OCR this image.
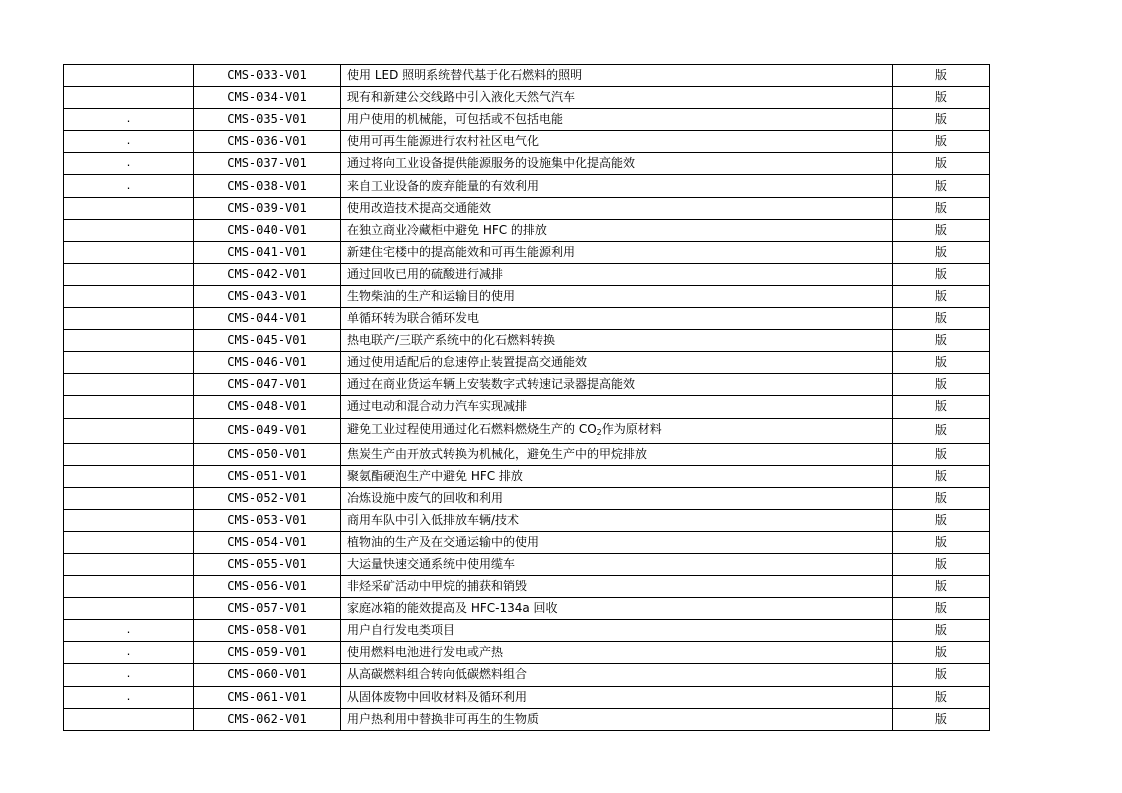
	CMS-033-V01	使用 LED 照明系统替代基于化石燃料的照明	版
	CMS-034-V01	现有和新建公交线路中引入液化天然气汽车	版
.	CMS-035-V01	用户使用的机械能，可包括或不包括电能	版
.	CMS-036-V01	使用可再生能源进行农村社区电气化	版
.	CMS-037-V01	通过将向工业设备提供能源服务的设施集中化提高能效	版
.	CMS-038-V01	来自工业设备的废弃能量的有效利用	版
	CMS-039-V01	使用改造技术提高交通能效	版
	CMS-040-V01	在独立商业冷藏柜中避免 HFC 的排放	版
	CMS-041-V01	新建住宅楼中的提高能效和可再生能源利用	版
	CMS-042-V01	通过回收已用的硫酸进行减排	版
	CMS-043-V01	生物柴油的生产和运输目的使用	版
	CMS-044-V01	单循环转为联合循环发电	版
	CMS-045-V01	热电联产/三联产系统中的化石燃料转换	版
	CMS-046-V01	通过使用适配后的怠速停止装置提高交通能效	版
	CMS-047-V01	通过在商业货运车辆上安装数字式转速记录器提高能效	版
	CMS-048-V01	通过电动和混合动力汽车实现减排	版
	CMS-049-V01	避免工业过程使用通过化石燃料燃烧生产的 $CO_2$作为原材料	版
	CMS-050-V01	焦炭生产由开放式转换为机械化，避免生产中的甲烷排放	版
	CMS-051-V01	聚氨酯硬泡生产中避免 HFC 排放	版
	CMS-052-V01	冶炼设施中废气的回收和利用	版
	CMS-053-V01	商用车队中引入低排放车辆/技术	版
	CMS-054-V01	植物油的生产及在交通运输中的使用	版
	CMS-055-V01	大运量快速交通系统中使用缆车	版
	CMS-056-V01	非烃采矿活动中甲烷的捕获和销毁	版
	CMS-057-V01	家庭冰箱的能效提高及 HFC-134a 回收	版
.	CMS-058-V01	用户自行发电类项目	版
.	CMS-059-V01	使用燃料电池进行发电或产热	版
.	CMS-060-V01	从高碳燃料组合转向低碳燃料组合	版
.	CMS-061-V01	从固体废物中回收材料及循环利用	版
	CMS-062-V01	用户热利用中替换非可再生的生物质	版
